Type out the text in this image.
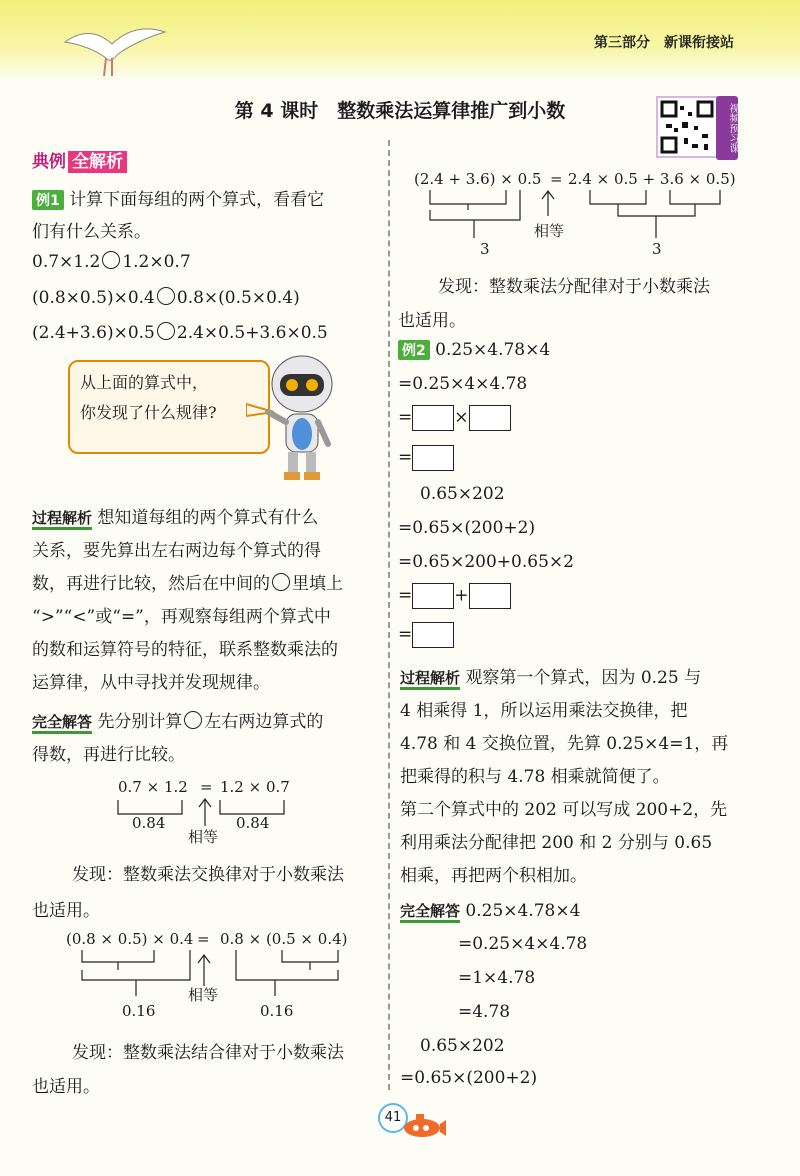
第三部分 新课衔接站
第 4 课时　整数乘法运算律推广到小数	视频预习课
典例 全解析
例1 计算下面每组的两个算式，看看它
们有什么关系。
0.7×1.2 1.2×0.7
(0.8×0.5)×0.4 0.8×(0.5×0.4)
(2.4+3.6)×0.5 2.4×0.5+3.6×0.5
从上面的算式中，
你发现了什么规律?
过程解析 想知道每组的两个算式有什么
关系，要先算出左右两边每个算式的得
数，再进行比较，然后在中间的 里填上
“>”“<”或“=”，再观察每组两个算式中
的数和运算符号的特征，联系整数乘法的
运算律，从中寻找并发现规律。
完全解答 先分别计算 左右两边算式的
得数，再进行比较。
0.7 × 1.2 = 1.2 × 0.7
0.84	0.84
相等
发现：整数乘法交换律对于小数乘法
也适用。
(0.8 × 0.5) × 0.4 = 0.8 × (0.5 × 0.4)
0.16	0.16
相等
发现：整数乘法结合律对于小数乘法
也适用。
(2.4 + 3.6) × 0.5 = 2.4 × 0.5 + 3.6 × 0.5)
3	3
相等
发现：整数乘法分配律对于小数乘法
也适用。
例2 0.25×4.78×4
=0.25×4×4.78
= ×
=
0.65×202
=0.65×(200+2)
=0.65×200+0.65×2
= +
=
过程解析 观察第一个算式，因为 0.25 与
4 相乘得 1，所以运用乘法交换律，把
4.78 和 4 交换位置，先算 0.25×4=1，再
把乘得的积与 4.78 相乘就简便了。
第二个算式中的 202 可以写成 200+2，先
利用乘法分配律把 200 和 2 分别与 0.65
相乘，再把两个积相加。
完全解答 0.25×4.78×4
=0.25×4×4.78
=1×4.78
=4.78
0.65×202
=0.65×(200+2)
41
